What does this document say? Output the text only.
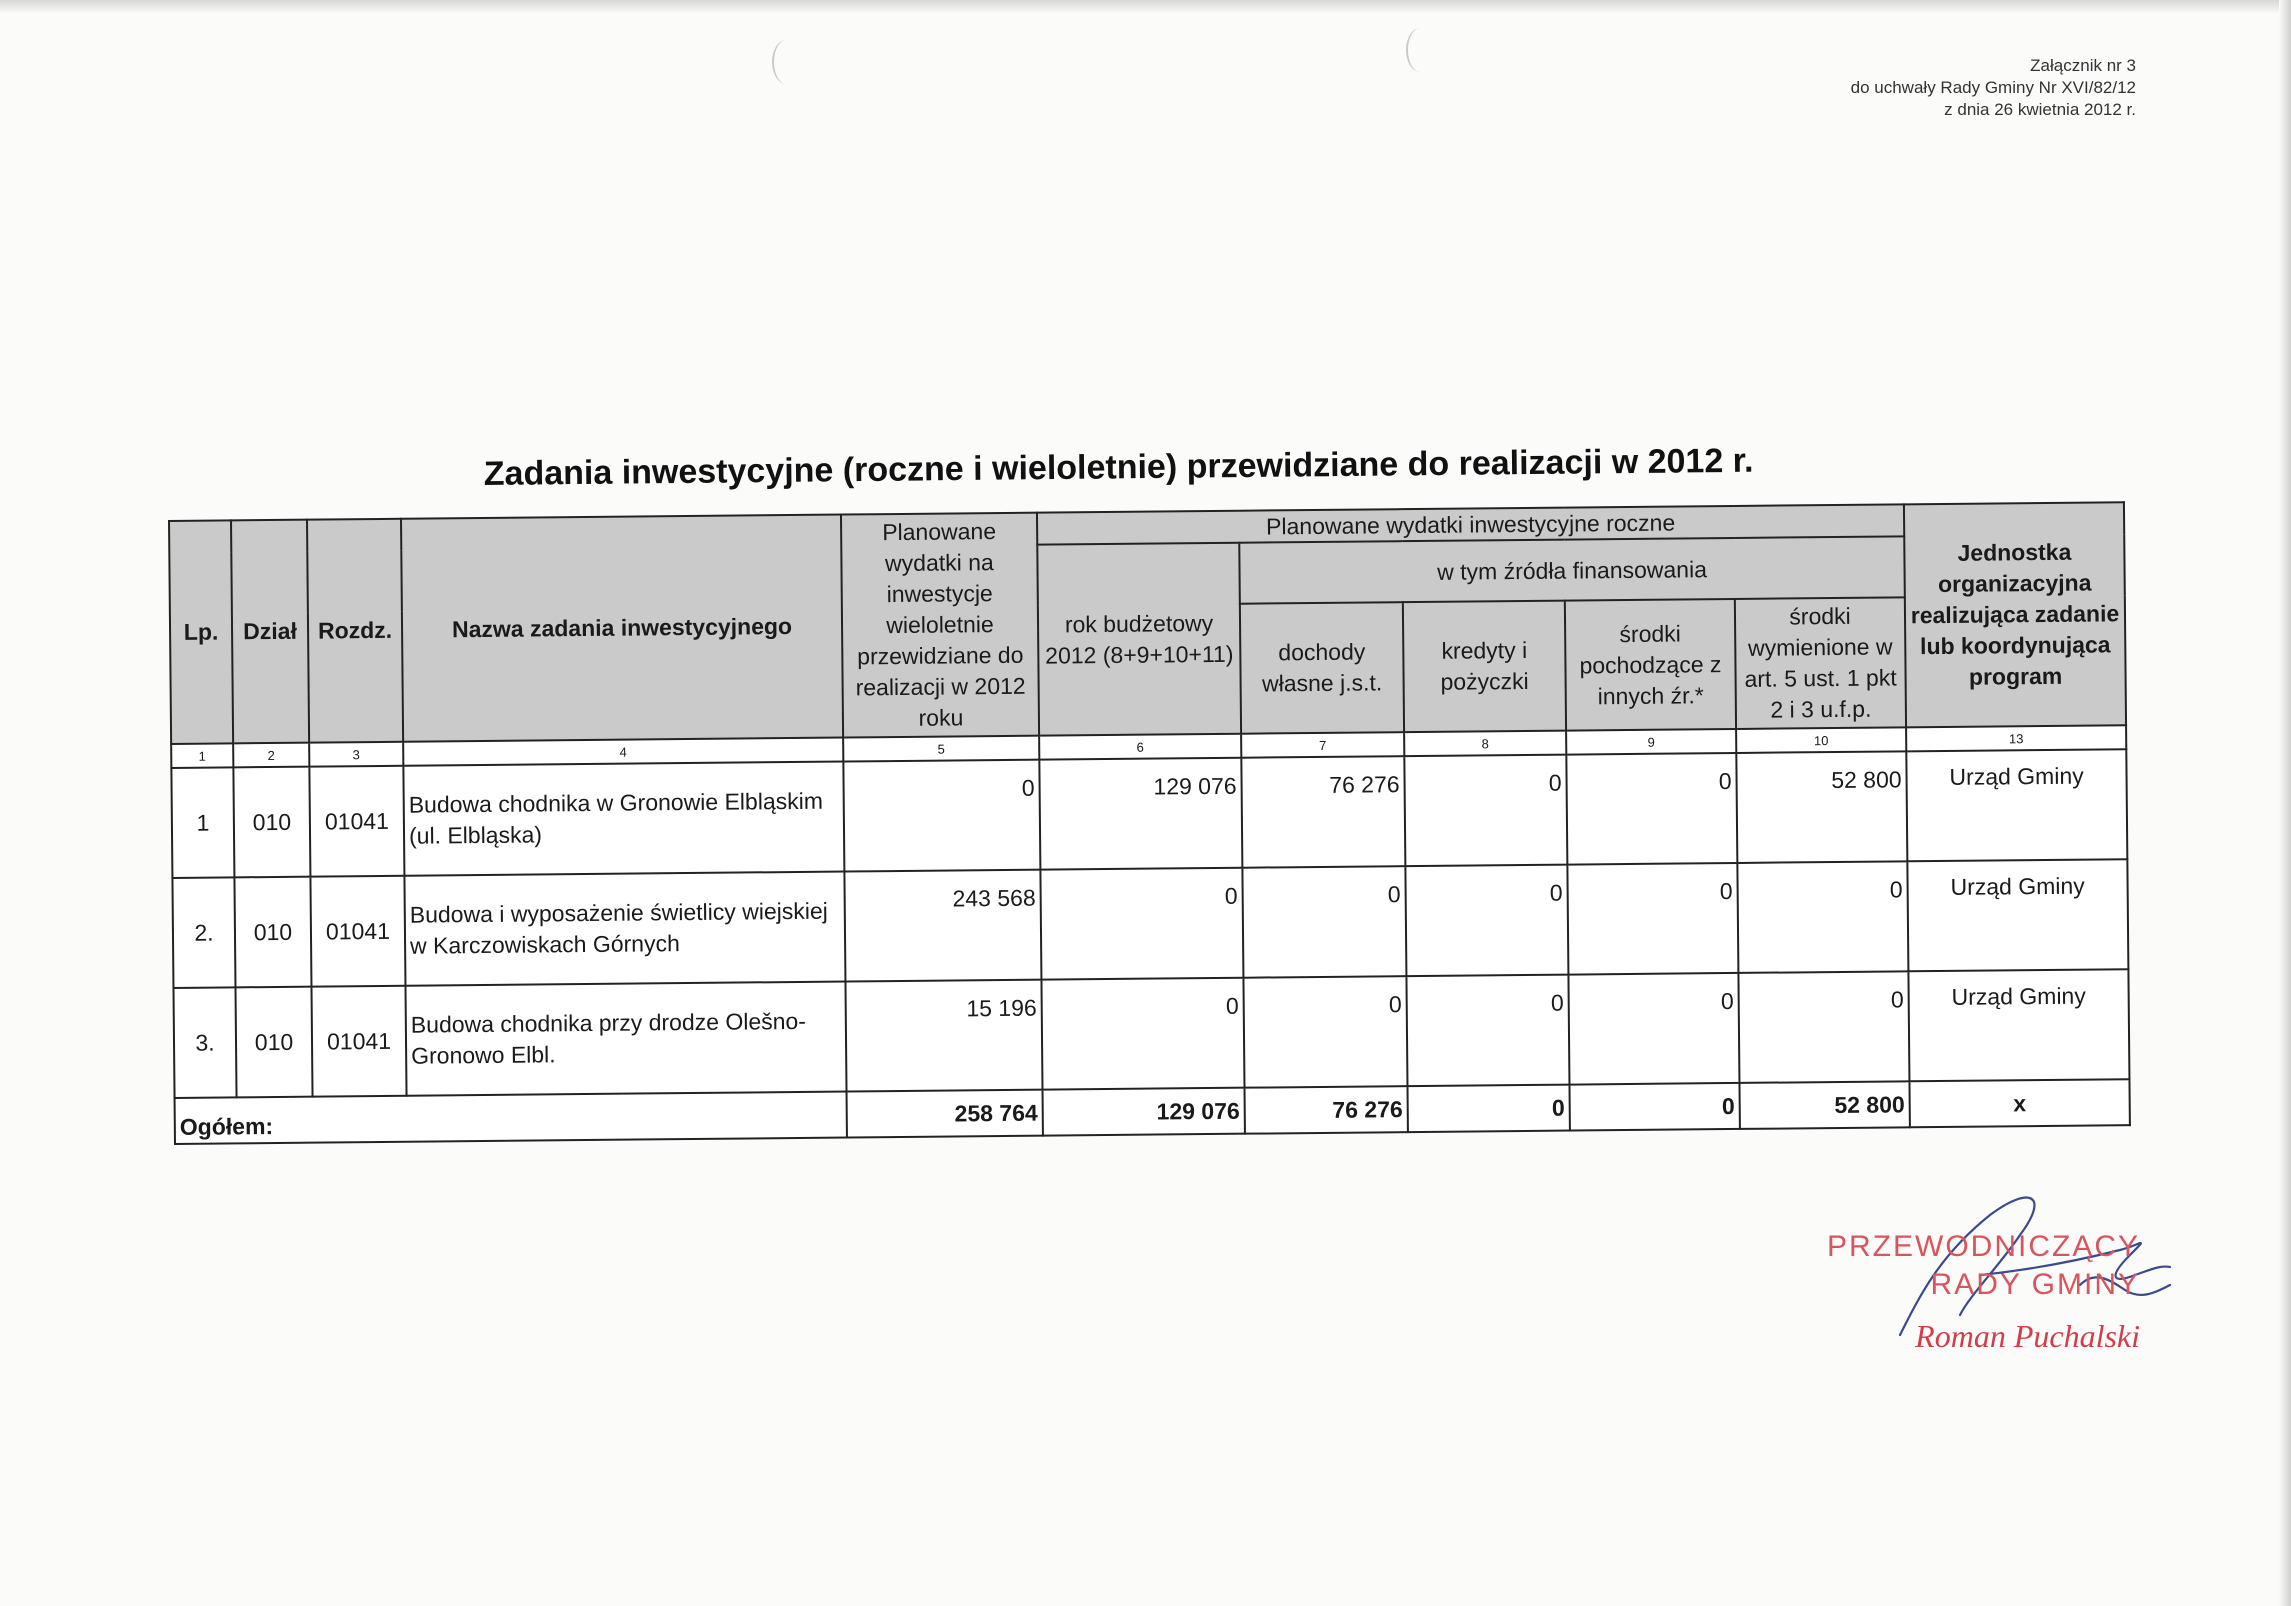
Załącznik nr 3
do uchwały Rady Gminy Nr XVI/82/12
z dnia 26 kwietnia 2012 r.
Zadania inwestycyjne (roczne i wieloletnie) przewidziane do realizacji w 2012 r.
Lp.	Dział	Rozdz.	Nazwa zadania inwestycyjnego	Planowane wydatki na inwestycje wieloletnie przewidziane do realizacji w 2012 roku	Planowane wydatki inwestycyjne roczne					Jednostka organizacyjna realizująca zadanie lub koordynująca program
					rok budżetowy 2012 (8+9+10+11)	w tym źródła finansowania				
						dochody własne j.s.t.	kredyty i pożyczki	środki pochodzące z innych źr.*	środki wymienione w art. 5 ust. 1 pkt 2 i 3 u.f.p.	
1	2	3	4	5	6	7	8	9	10	13
1	010	01041	Budowa chodnika w Gronowie Elbląskim (ul. Elbląska)	0	129 076	76 276	0	0	52 800	Urząd Gminy
2.	010	01041	Budowa i wyposażenie świetlicy wiejskiej w Karczowiskach Górnych	243 568	0	0	0	0	0	Urząd Gminy
3.	010	01041	Budowa chodnika przy drodze Olešno-Gronowo Elbl.	15 196	0	0	0	0	0	Urząd Gminy
Ogółem:				258 764	129 076	76 276	0	0	52 800	x
PRZEWODNICZĄCY
RADY GMINY
Roman Puchalski
